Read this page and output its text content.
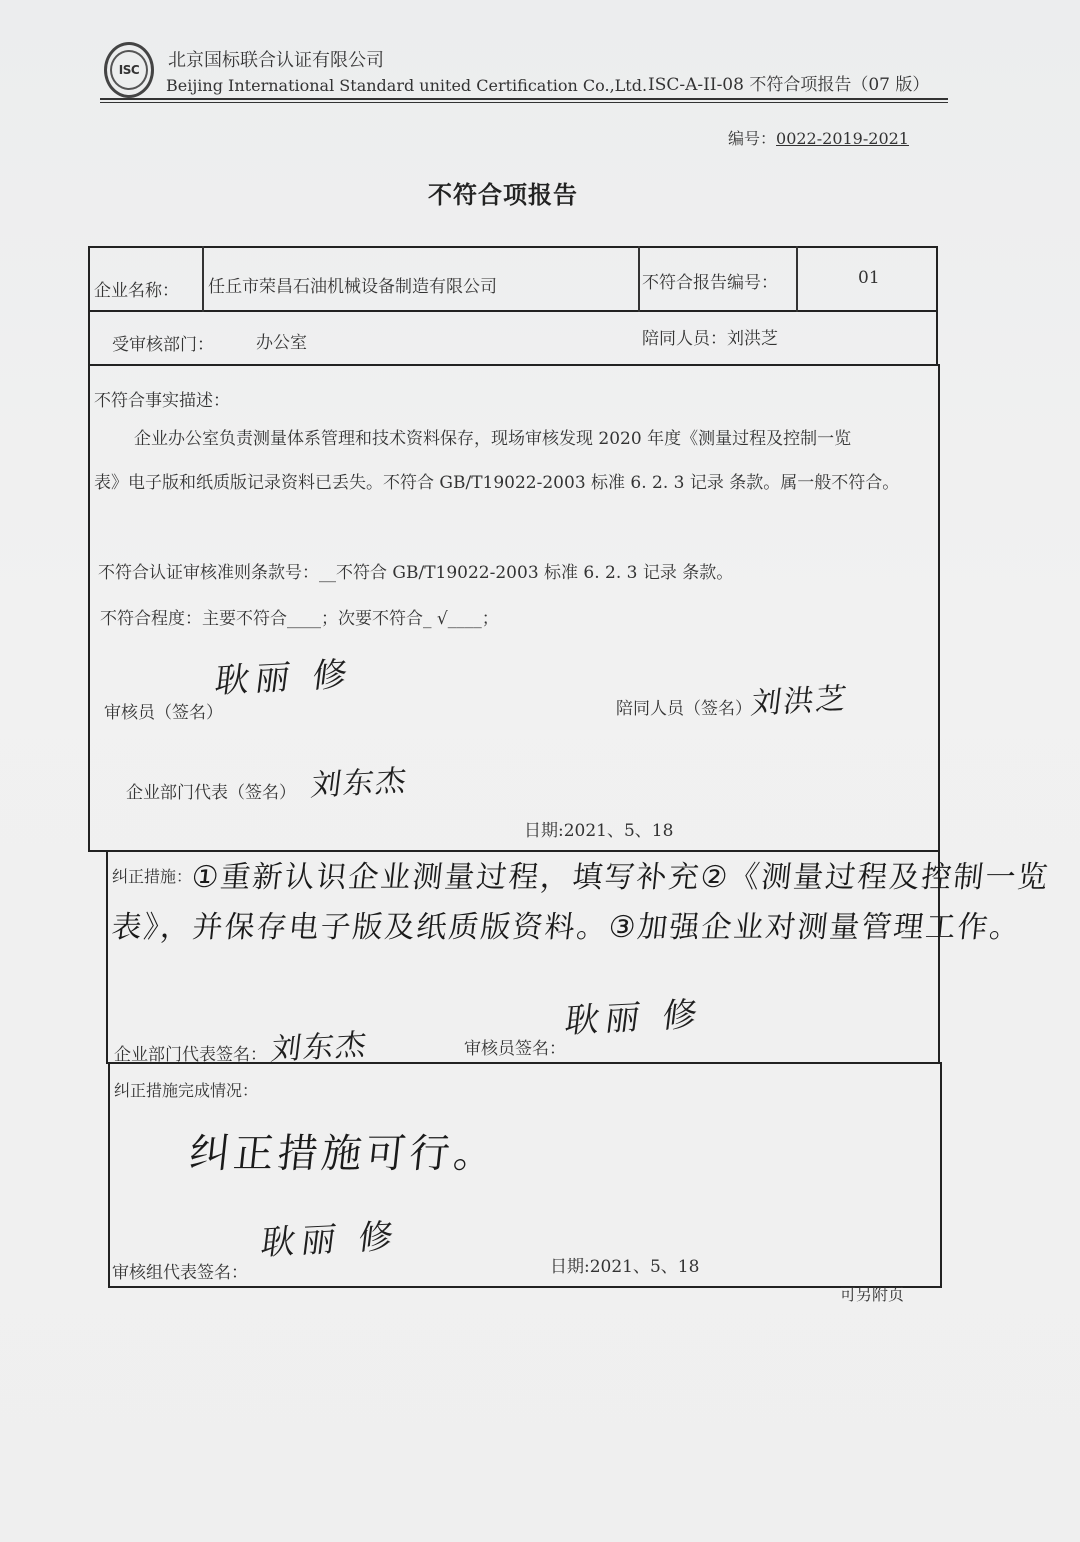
ISC 北京国标联合认证有限公司
Beijing International Standard united Certification Co.,Ltd. ISC-A-II-08 不符合项报告（07 版）
编号：0022-2019-2021
不符合项报告
企业名称： 任丘市荣昌石油机械设备制造有限公司	不符合报告编号：	01
受审核部门： 办公室	陪同人员：刘洪芝
不符合事实描述：
企业办公室负责测量体系管理和技术资料保存，现场审核发现 2020 年度《测量过程及控制一览
表》电子版和纸质版记录资料已丢失。不符合 GB/T19022-2003 标准 6. 2. 3 记录 条款。属一般不符合。
不符合认证审核准则条款号：__不符合 GB/T19022-2003 标准 6. 2. 3 记录 条款。
不符合程度：主要不符合____；次要不符合_ √____；
审核员（签名）
耿丽 修
陪同人员（签名）
刘洪芝
企业部门代表（签名） 刘东杰
日期:2021、5、18
纠正措施：
①重新认识企业测量过程，填写补充②《测量过程及控制一览
表》，并保存电子版及纸质版资料。③加强企业对测量管理工作。
企业部门代表签名： 刘东杰	审核员签名：
耿丽 修
纠正措施完成情况：
纠正措施可行。
审核组代表签名：
耿丽 修
日期:2021、5、18
可另附页
